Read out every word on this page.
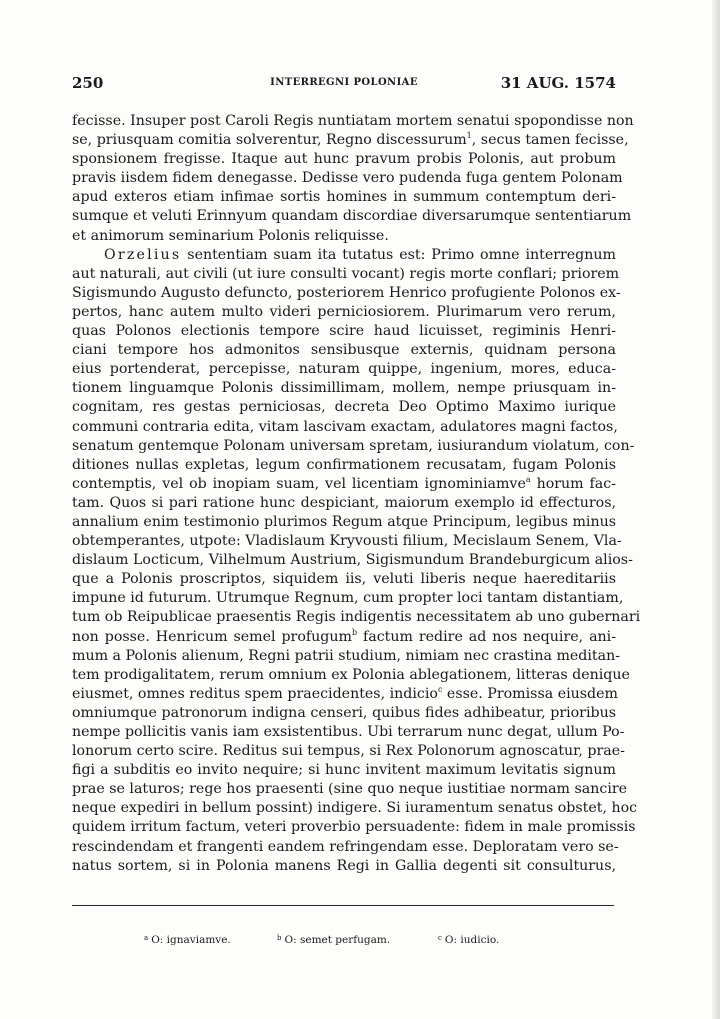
250	INTERREGNI POLONIAE	31 AUG. 1574
fecisse. Insuper post Caroli Regis nuntiatam mortem senatui spopondisse non
se, priusquam comitia solverentur, Regno discessurum$^1$, secus tamen fecisse,
sponsionem fregisse. Itaque aut hunc pravum probis Polonis, aut probum
pravis iisdem fidem denegasse. Dedisse vero pudenda fuga gentem Polonam
apud exteros etiam infimae sortis homines in summum contemptum deri-
sumque et veluti Erinnyum quandam discordiae diversarumque sententiarum
et animorum seminarium Polonis reliquisse.
Orzelius sententiam suam ita tutatus est: Primo omne interregnum
aut naturali, aut civili (ut iure consulti vocant) regis morte conflari; priorem
Sigismundo Augusto defuncto, posteriorem Henrico profugiente Polonos ex-
pertos, hanc autem multo videri perniciosiorem. Plurimarum vero rerum,
quas Polonos electionis tempore scire haud licuisset, regiminis Henri-
ciani tempore hos admonitos sensibusque externis, quidnam persona
eius portenderat, percepisse, naturam quippe, ingenium, mores, educa-
tionem linguamque Polonis dissimillimam, mollem, nempe priusquam in-
cognitam, res gestas perniciosas, decreta Deo Optimo Maximo iurique
communi contraria edita, vitam lascivam exactam, adulatores magni factos,
senatum gentemque Polonam universam spretam, iusiurandum violatum, con-
ditiones nullas expletas, legum confirmationem recusatam, fugam Polonis
contemptis, vel ob inopiam suam, vel licentiam ignominiamve$^a$ horum fac-
tam. Quos si pari ratione hunc despiciant, maiorum exemplo id effecturos,
annalium enim testimonio plurimos Regum atque Principum, legibus minus
obtemperantes, utpote: Vladislaum Kryvousti filium, Mecislaum Senem, Vla-
dislaum Locticum, Vilhelmum Austrium, Sigismundum Brandeburgicum alios-
que a Polonis proscriptos, siquidem iis, veluti liberis neque haereditariis
impune id futurum. Utrumque Regnum, cum propter loci tantam distantiam,
tum ob Reipublicae praesentis Regis indigentis necessitatem ab uno gubernari
non posse. Henricum semel profugum$^b$ factum redire ad nos nequire, ani-
mum a Polonis alienum, Regni patrii studium, nimiam nec crastina meditan-
tem prodigalitatem, rerum omnium ex Polonia ablegationem, litteras denique
eiusmet, omnes reditus spem praecidentes, indicio$^c$ esse. Promissa eiusdem
omniumque patronorum indigna censeri, quibus fides adhibeatur, prioribus
nempe pollicitis vanis iam exsistentibus. Ubi terrarum nunc degat, ullum Po-
lonorum certo scire. Reditus sui tempus, si Rex Polonorum agnoscatur, prae-
figi a subditis eo invito nequire; si hunc invitent maximum levitatis signum
prae se laturos; rege hos praesenti (sine quo neque iustitiae normam sancire
neque expediri in bellum possint) indigere. Si iuramentum senatus obstet, hoc
quidem irritum factum, veteri proverbio persuadente: fidem in male promissis
rescindendam et frangenti eandem refringendam esse. Deploratam vero se-
natus sortem, si in Polonia manens Regi in Gallia degenti sit consulturus,
$^a$ O: ignaviamve.	$^b$ O: semet perfugam.	$^c$ O: iudicio.
